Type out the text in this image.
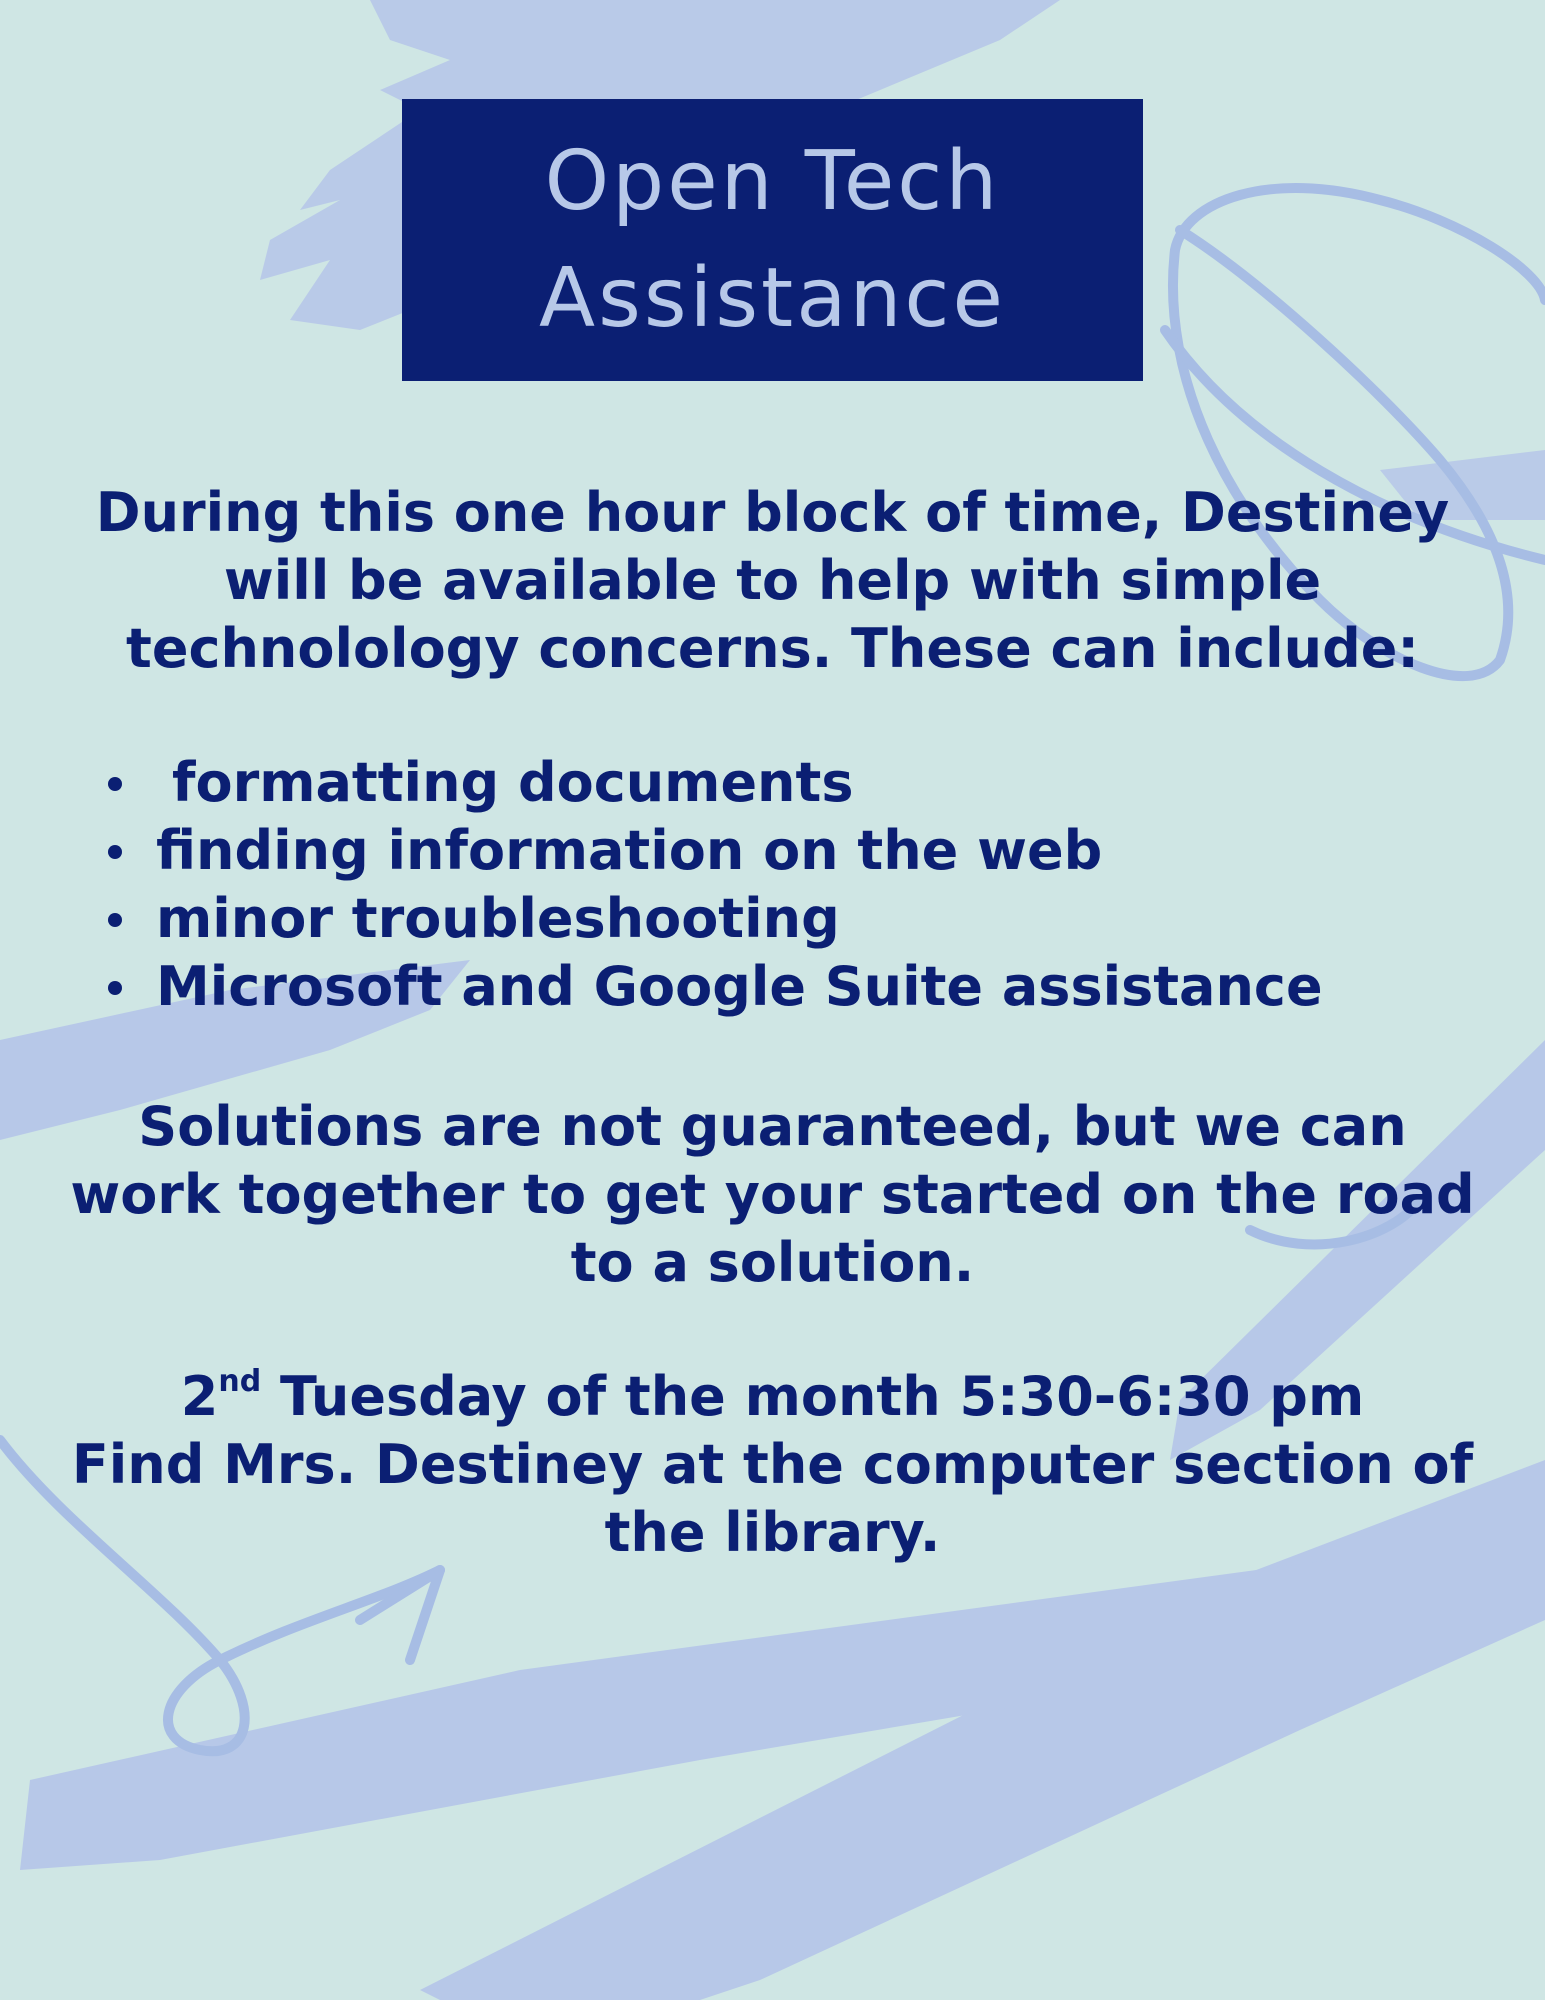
Open Tech
Assistance
During this one hour block of time, Destiney
will be available to help with simple
technolology concerns. These can include:
formatting documents
finding information on the web
minor troubleshooting
Microsoft and Google Suite assistance
Solutions are not guaranteed, but we can
work together to get your started on the road
to a solution.
2nd Tuesday of the month 5:30-6:30 pm
Find Mrs. Destiney at the computer section of
the library.
